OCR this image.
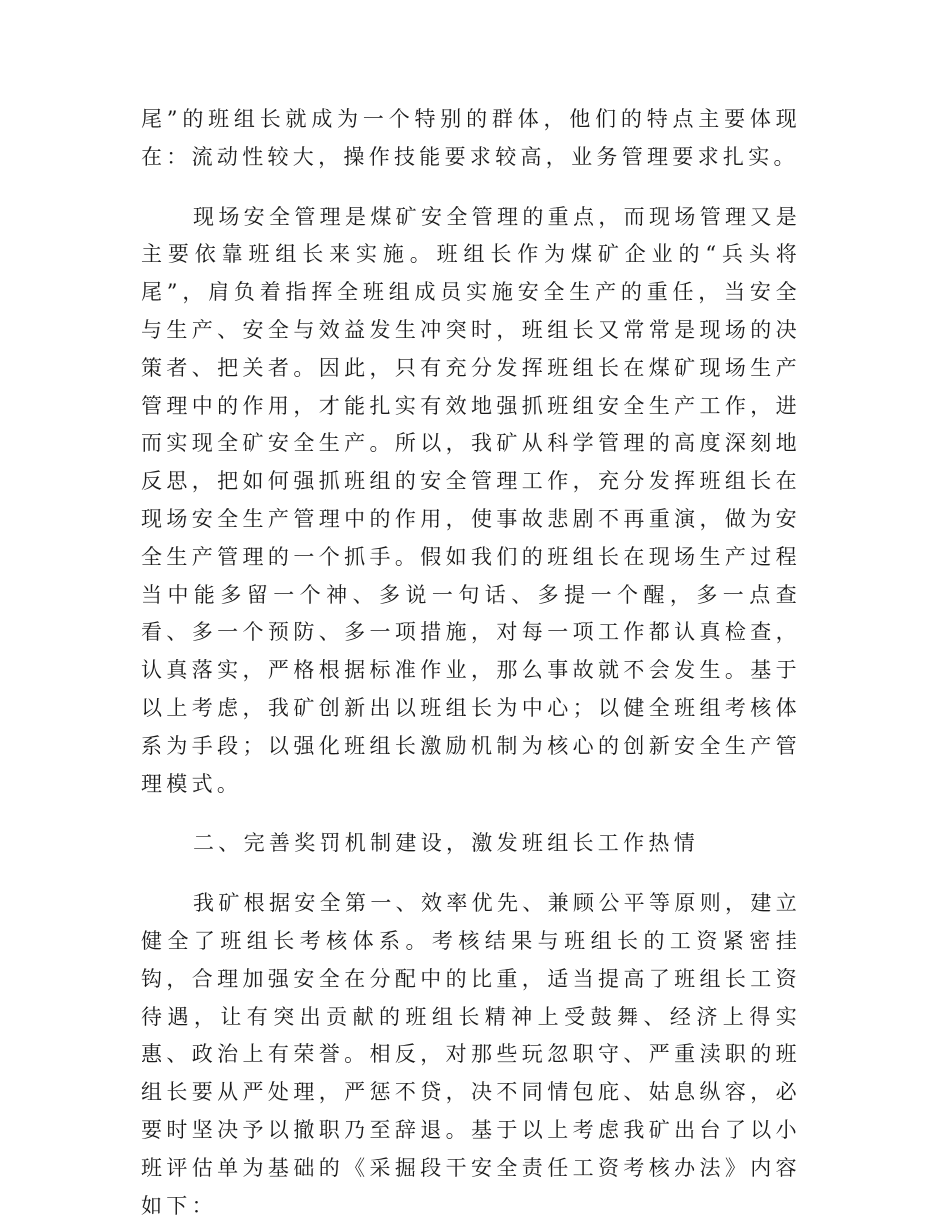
尾”的班组长就成为一个特别的群体，他们的特点主要体现在：流动性较大，操作技能要求较高，业务管理要求扎实。

现场安全管理是煤矿安全管理的重点，而现场管理又是主要依靠班组长来实施。班组长作为煤矿企业的“兵头将尾”，肩负着指挥全班组成员实施安全生产的重任，当安全与生产、安全与效益发生冲突时，班组长又常常是现场的决策者、把关者。因此，只有充分发挥班组长在煤矿现场生产管理中的作用，才能扎实有效地强抓班组安全生产工作，进而实现全矿安全生产。所以，我矿从科学管理的高度深刻地反思，把如何强抓班组的安全管理工作，充分发挥班组长在现场安全生产管理中的作用，使事故悲剧不再重演，做为安全生产管理的一个抓手。假如我们的班组长在现场生产过程当中能多留一个神、多说一句话、多提一个醒，多一点查看、多一个预防、多一项措施，对每一项工作都认真检查，认真落实，严格根据标准作业，那么事故就不会发生。基于以上考虑，我矿创新出以班组长为中心；以健全班组考核体系为手段；以强化班组长激励机制为核心的创新安全生产管理模式。

二、完善奖罚机制建设，激发班组长工作热情

我矿根据安全第一、效率优先、兼顾公平等原则，建立健全了班组长考核体系。考核结果与班组长的工资紧密挂钩，合理加强安全在分配中的比重，适当提高了班组长工资待遇，让有突出贡献的班组长精神上受鼓舞、经济上得实惠、政治上有荣誉。相反，对那些玩忽职守、严重渎职的班组长要从严处理，严惩不贷，决不同情包庇、姑息纵容，必要时坚决予以撤职乃至辞退。基于以上考虑我矿出台了以小班评估单为基础的《采掘段干安全责任工资考核办法》内容如下：
